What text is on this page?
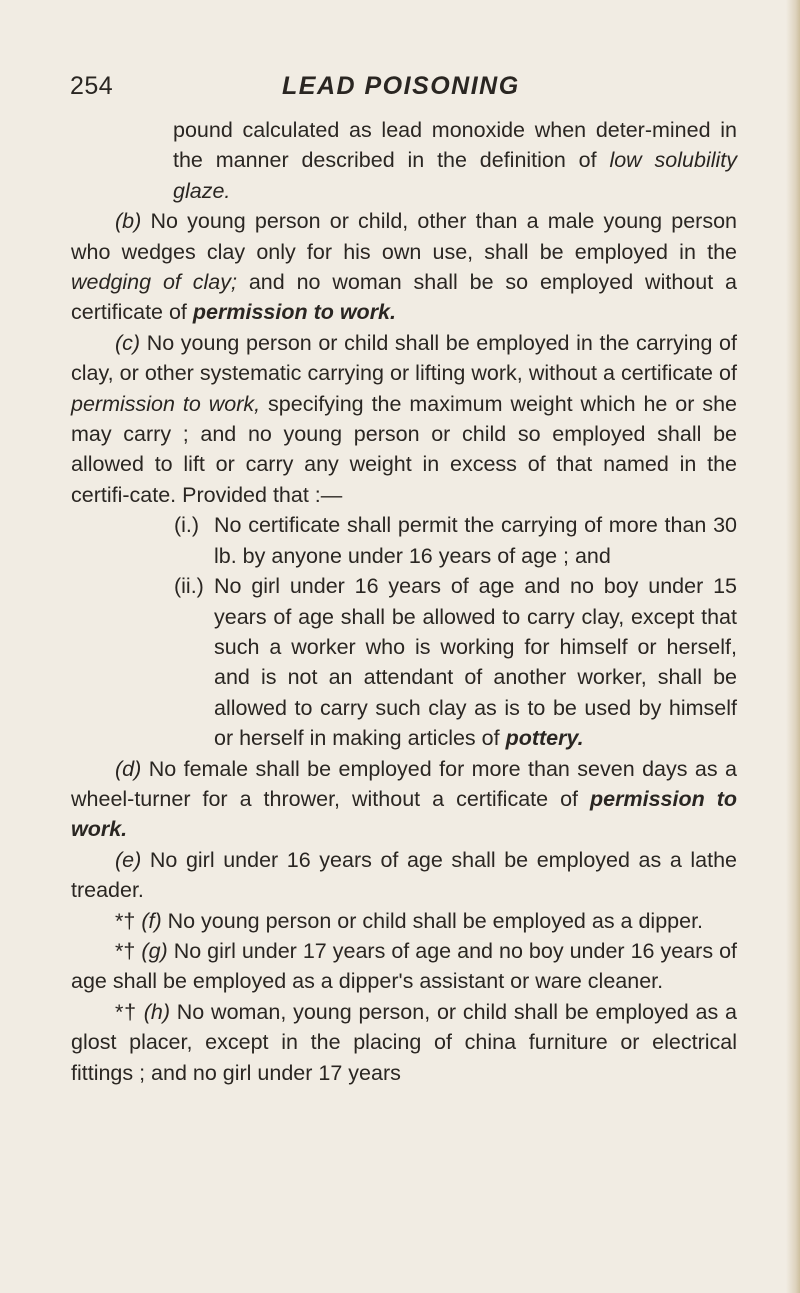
254	LEAD POISONING

pound calculated as lead monoxide when deter-mined in the manner described in the definition of low solubility glaze.

(b) No young person or child, other than a male young person who wedges clay only for his own use, shall be employed in the wedging of clay; and no woman shall be so employed without a certificate of permission to work.

(c) No young person or child shall be employed in the carrying of clay, or other systematic carrying or lifting work, without a certificate of permission to work, specifying the maximum weight which he or she may carry ; and no young person or child so employed shall be allowed to lift or carry any weight in excess of that named in the certifi-cate. Provided that :—

(i.) No certificate shall permit the carrying of more than 30 lb. by anyone under 16 years of age ; and

(ii.) No girl under 16 years of age and no boy under 15 years of age shall be allowed to carry clay, except that such a worker who is working for himself or herself, and is not an attendant of another worker, shall be allowed to carry such clay as is to be used by himself or herself in making articles of pottery.

(d) No female shall be employed for more than seven days as a wheel-turner for a thrower, without a certificate of permission to work.

(e) No girl under 16 years of age shall be employed as a lathe treader.

*† (f) No young person or child shall be employed as a dipper.

*† (g) No girl under 17 years of age and no boy under 16 years of age shall be employed as a dipper's assistant or ware cleaner.

*† (h) No woman, young person, or child shall be employed as a glost placer, except in the placing of china furniture or electrical fittings ; and no girl under 17 years
